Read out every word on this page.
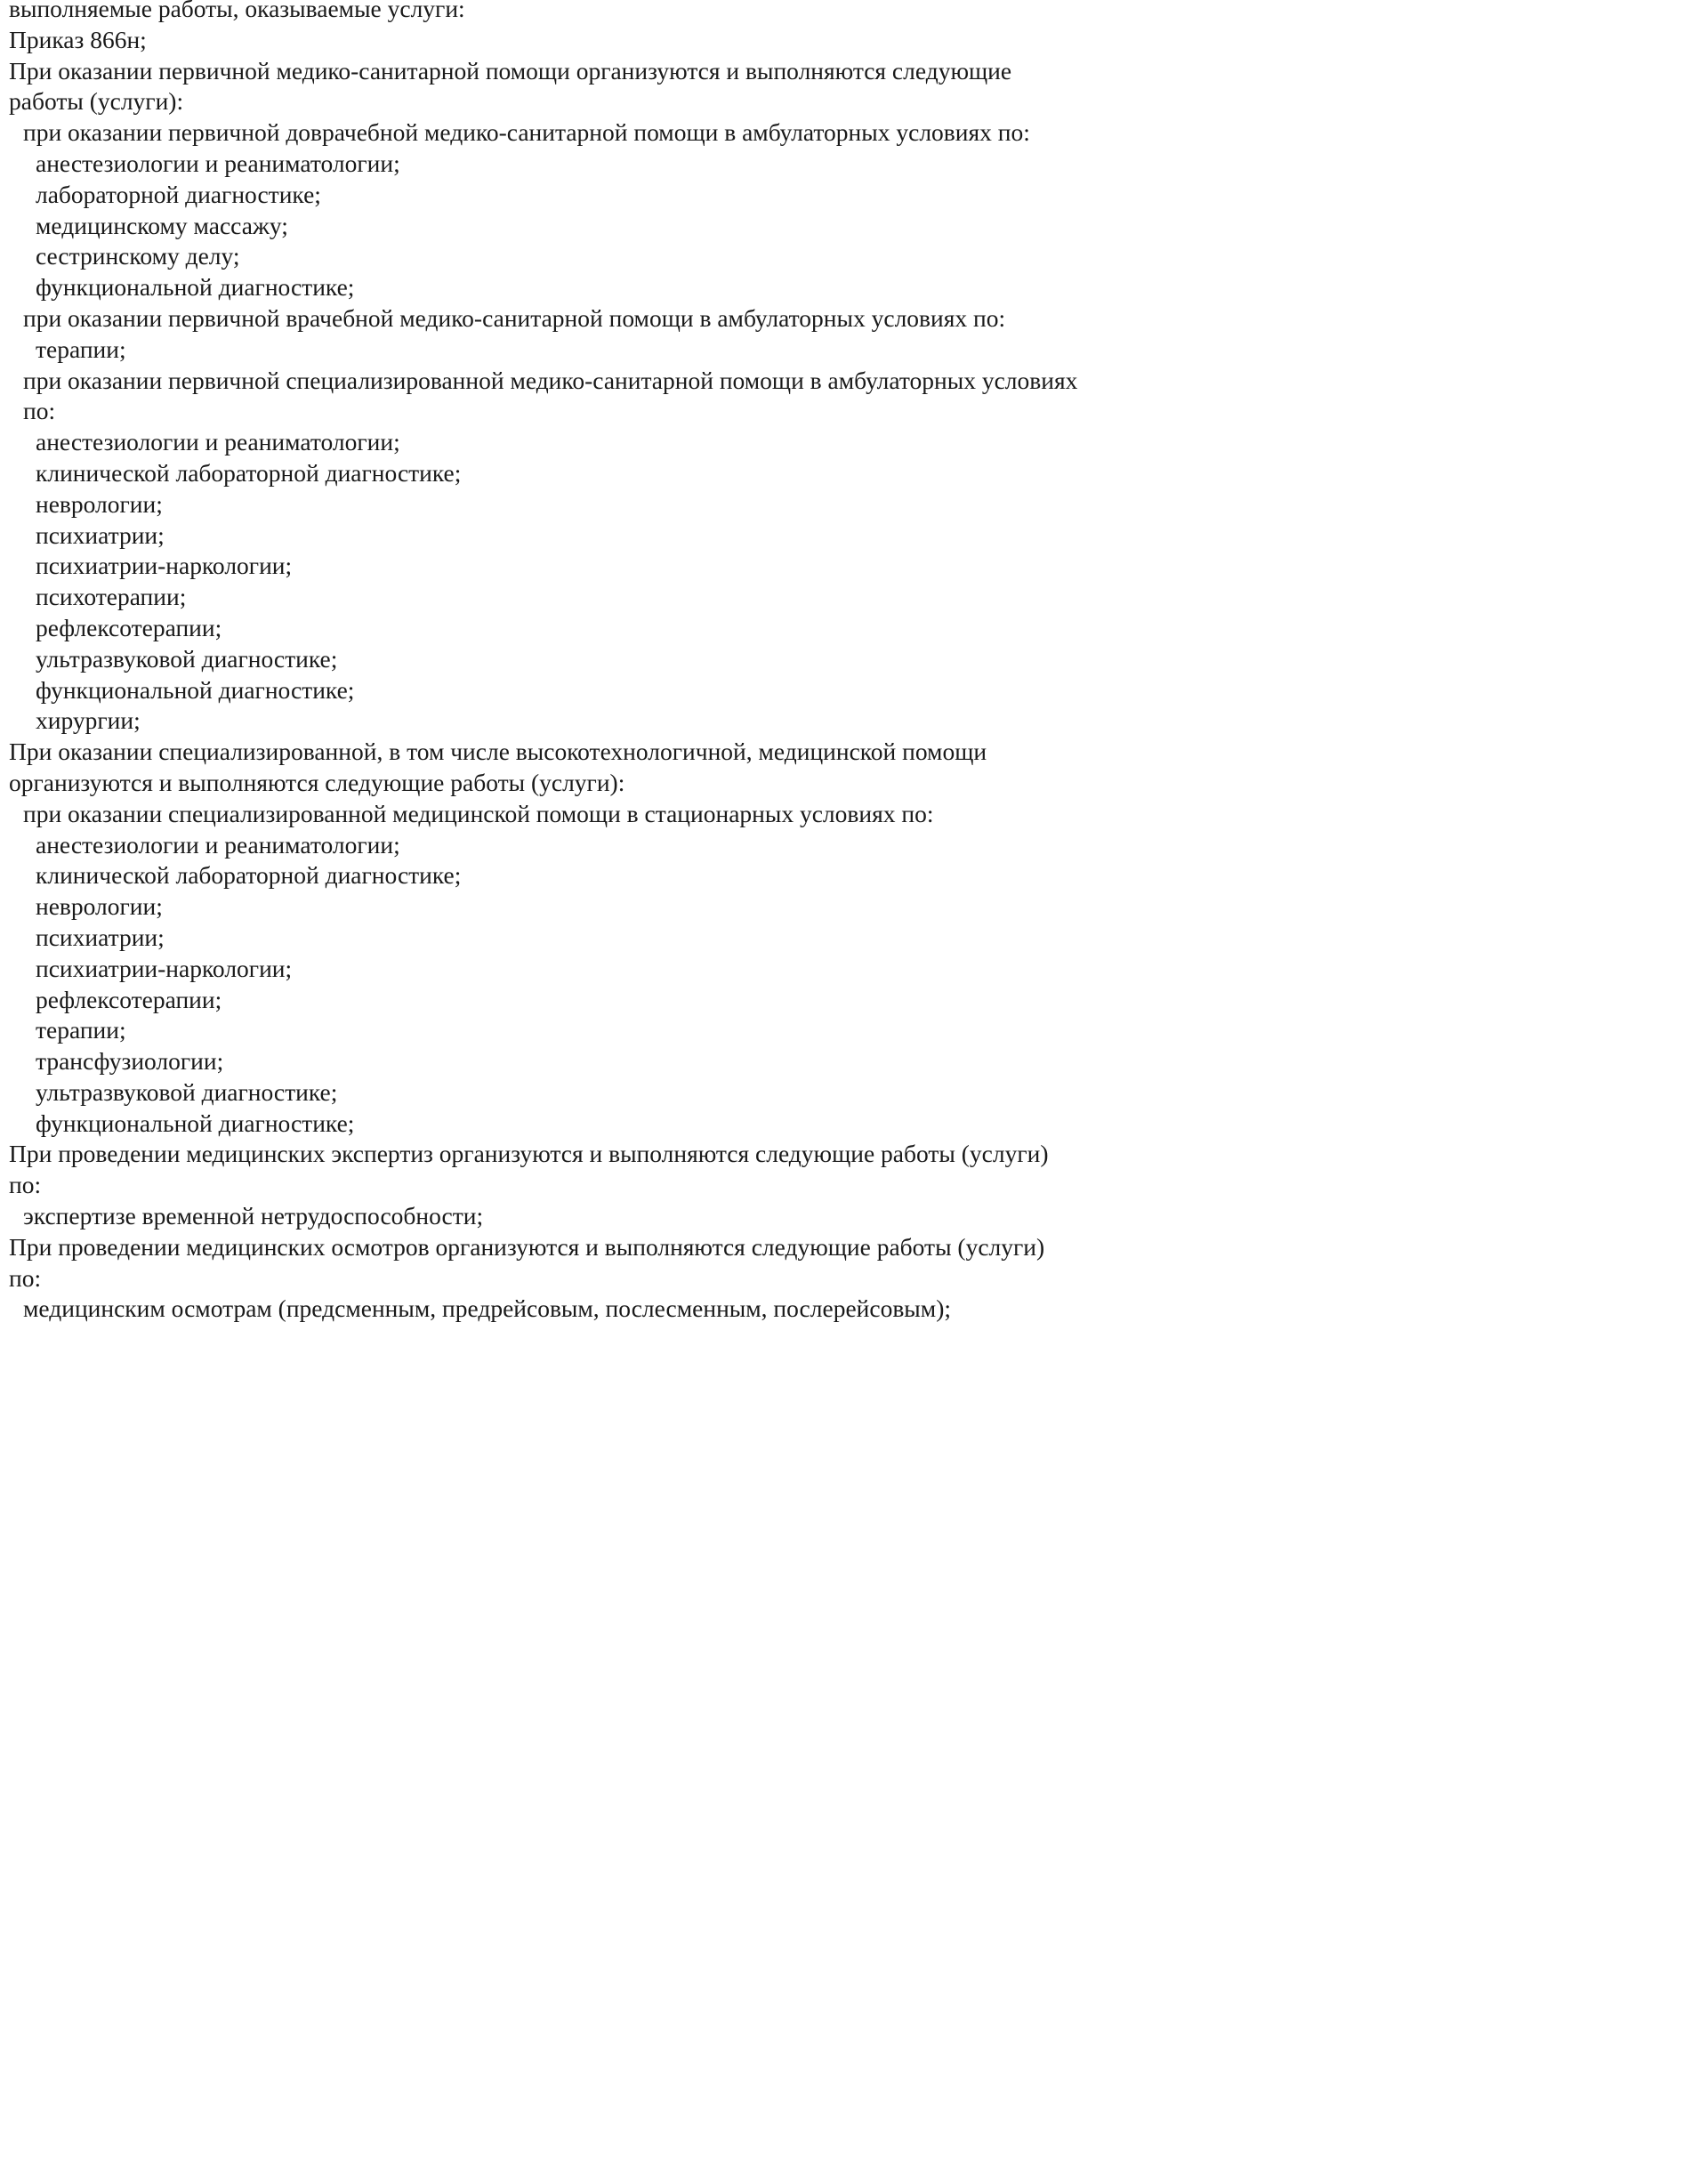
выполняемые работы, оказываемые услуги:
Приказ 866н;
При оказании первичной медико-санитарной помощи организуются и выполняются следующие работы (услуги):
при оказании первичной доврачебной медико-санитарной помощи в амбулаторных условиях по:
анестезиологии и реаниматологии;
лабораторной диагностике;
медицинскому массажу;
сестринскому делу;
функциональной диагностике;
при оказании первичной врачебной медико-санитарной помощи в амбулаторных условиях по:
терапии;
при оказании первичной специализированной медико-санитарной помощи в амбулаторных условиях по:
анестезиологии и реаниматологии;
клинической лабораторной диагностике;
неврологии;
психиатрии;
психиатрии-наркологии;
психотерапии;
рефлексотерапии;
ультразвуковой диагностике;
функциональной диагностике;
хирургии;
При оказании специализированной, в том числе высокотехнологичной, медицинской помощи организуются и выполняются следующие работы (услуги):
при оказании специализированной медицинской помощи в стационарных условиях по:
анестезиологии и реаниматологии;
клинической лабораторной диагностике;
неврологии;
психиатрии;
психиатрии-наркологии;
рефлексотерапии;
терапии;
трансфузиологии;
ультразвуковой диагностике;
функциональной диагностике;
При проведении медицинских экспертиз организуются и выполняются следующие работы (услуги) по:
экспертизе временной нетрудоспособности;
При проведении медицинских осмотров организуются и выполняются следующие работы (услуги) по:
медицинским осмотрам (предсменным, предрейсовым, послесменным, послерейсовым);
